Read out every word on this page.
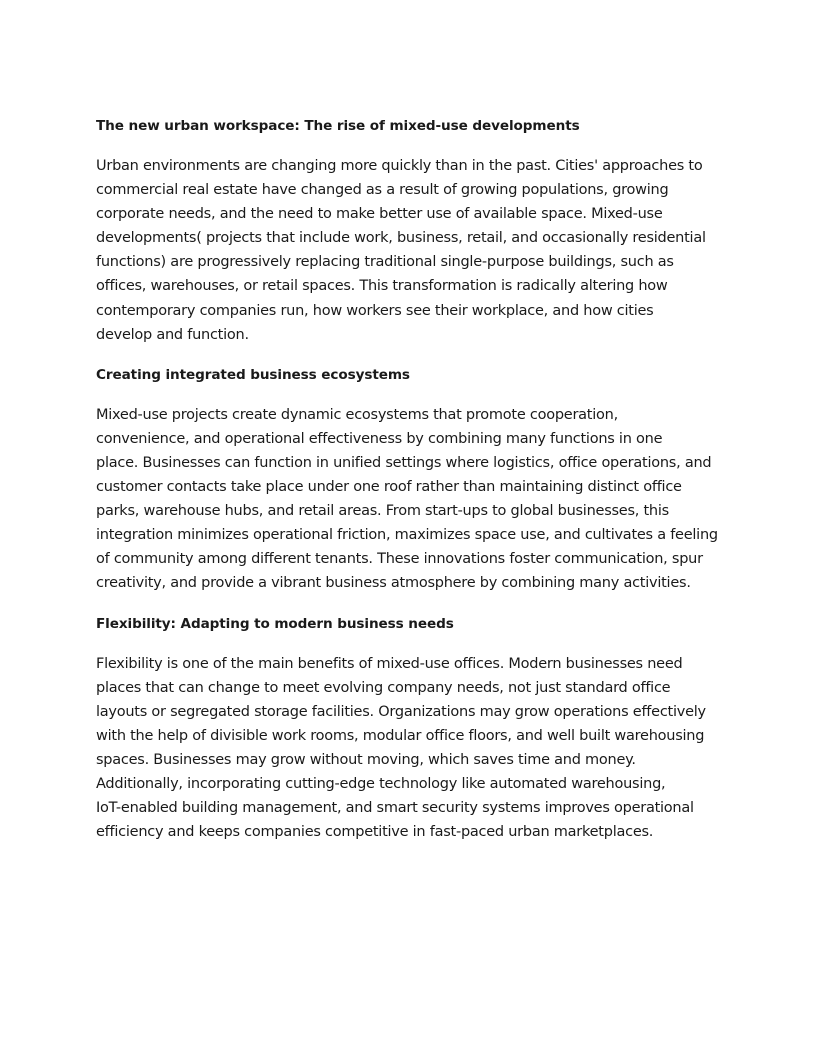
The new urban workspace: The rise of mixed-use developments
Urban environments are changing more quickly than in the past. Cities' approaches to
commercial real estate have changed as a result of growing populations, growing
corporate needs, and the need to make better use of available space. Mixed-use
developments( projects that include work, business, retail, and occasionally residential
functions) are progressively replacing traditional single-purpose buildings, such as
offices, warehouses, or retail spaces. This transformation is radically altering how
contemporary companies run, how workers see their workplace, and how cities
develop and function.
Creating integrated business ecosystems
Mixed-use projects create dynamic ecosystems that promote cooperation,
convenience, and operational effectiveness by combining many functions in one
place. Businesses can function in unified settings where logistics, office operations, and
customer contacts take place under one roof rather than maintaining distinct office
parks, warehouse hubs, and retail areas. From start-ups to global businesses, this
integration minimizes operational friction, maximizes space use, and cultivates a feeling
of community among different tenants. These innovations foster communication, spur
creativity, and provide a vibrant business atmosphere by combining many activities.
Flexibility: Adapting to modern business needs
Flexibility is one of the main benefits of mixed-use offices. Modern businesses need
places that can change to meet evolving company needs, not just standard office
layouts or segregated storage facilities. Organizations may grow operations effectively
with the help of divisible work rooms, modular office floors, and well built warehousing
spaces. Businesses may grow without moving, which saves time and money.
Additionally, incorporating cutting-edge technology like automated warehousing,
IoT-enabled building management, and smart security systems improves operational
efficiency and keeps companies competitive in fast-paced urban marketplaces.
